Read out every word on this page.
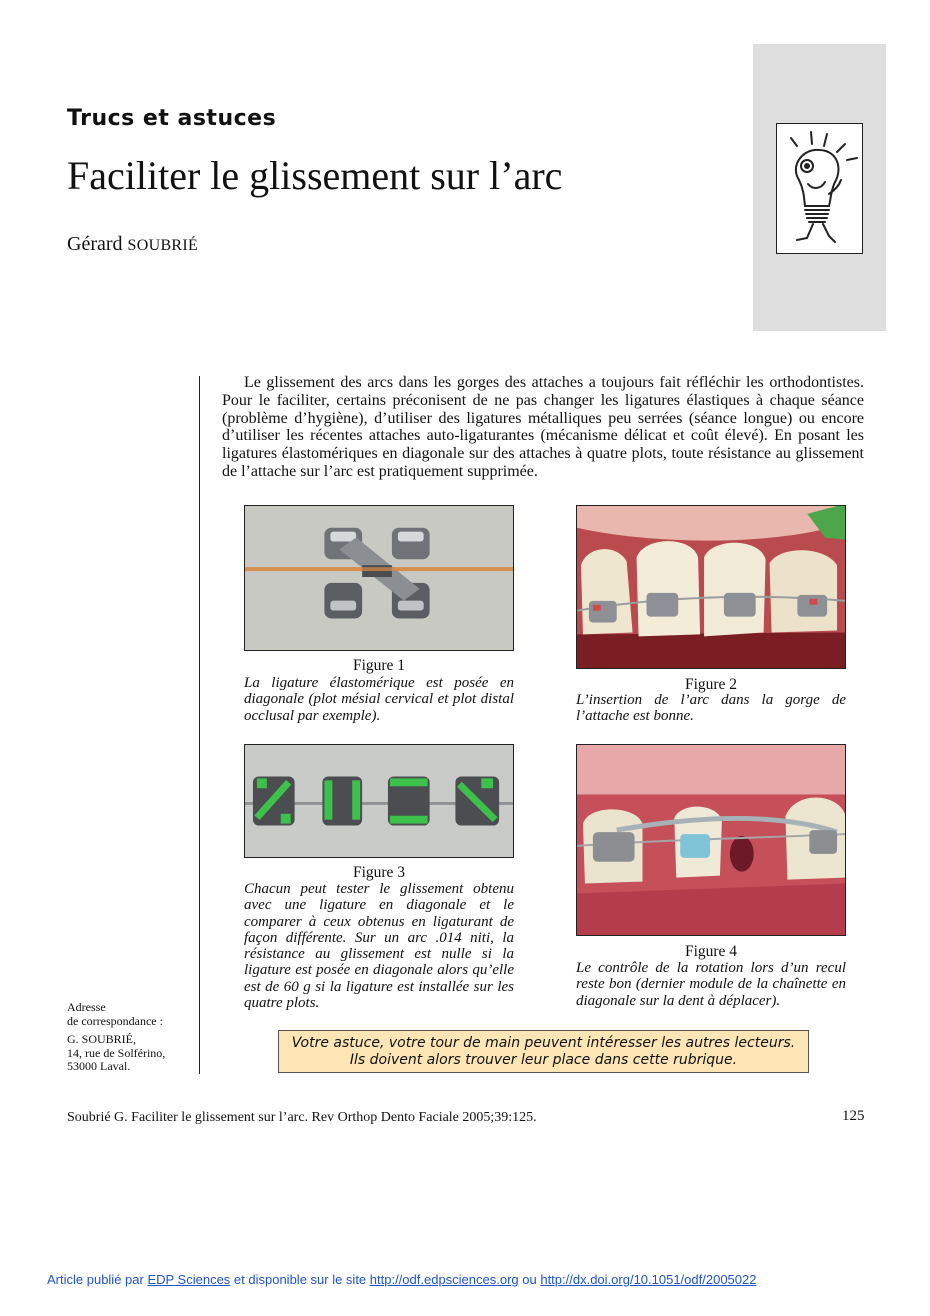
Trucs et astuces
Faciliter le glissement sur l’arc
Gérard SOUBRIÉ
Le glissement des arcs dans les gorges des attaches a toujours fait réfléchir les orthodontistes. Pour le faciliter, certains préconisent de ne pas changer les ligatures élastiques à chaque séance (problème d’hygiène), d’utiliser des ligatures métalliques peu serrées (séance longue) ou encore d’utiliser les récentes attaches auto-ligaturantes (mécanisme délicat et coût élevé). En posant les ligatures élastomériques en diagonale sur des attaches à quatre plots, toute résistance au glissement de l’attache sur l’arc est pratiquement supprimée.
Figure 1
La ligature élastomérique est posée en diagonale (plot mésial cervical et plot distal occlusal par exemple).
Figure 2
L’insertion de l’arc dans la gorge de l’attache est bonne.
Figure 3
Chacun peut tester le glissement obtenu avec une ligature en diagonale et le comparer à ceux obtenus en ligaturant de façon différente. Sur un arc .014 niti, la résistance au glissement est nulle si la ligature est posée en diagonale alors qu’elle est de 60 g si la ligature est installée sur les quatre plots.
Figure 4
Le contrôle de la rotation lors d’un recul reste bon (dernier module de la chaînette en diagonale sur la dent à déplacer).
Adresse
de correspondance :
G. SOUBRIÉ,
14, rue de Solférino,
53000 Laval.
Votre astuce, votre tour de main peuvent intéresser les autres lecteurs.
Ils doivent alors trouver leur place dans cette rubrique.
Soubrié G. Faciliter le glissement sur l’arc. Rev Orthop Dento Faciale 2005;39:125.	125
Article publié par EDP Sciences et disponible sur le site http://odf.edpsciences.org ou http://dx.doi.org/10.1051/odf/2005022
